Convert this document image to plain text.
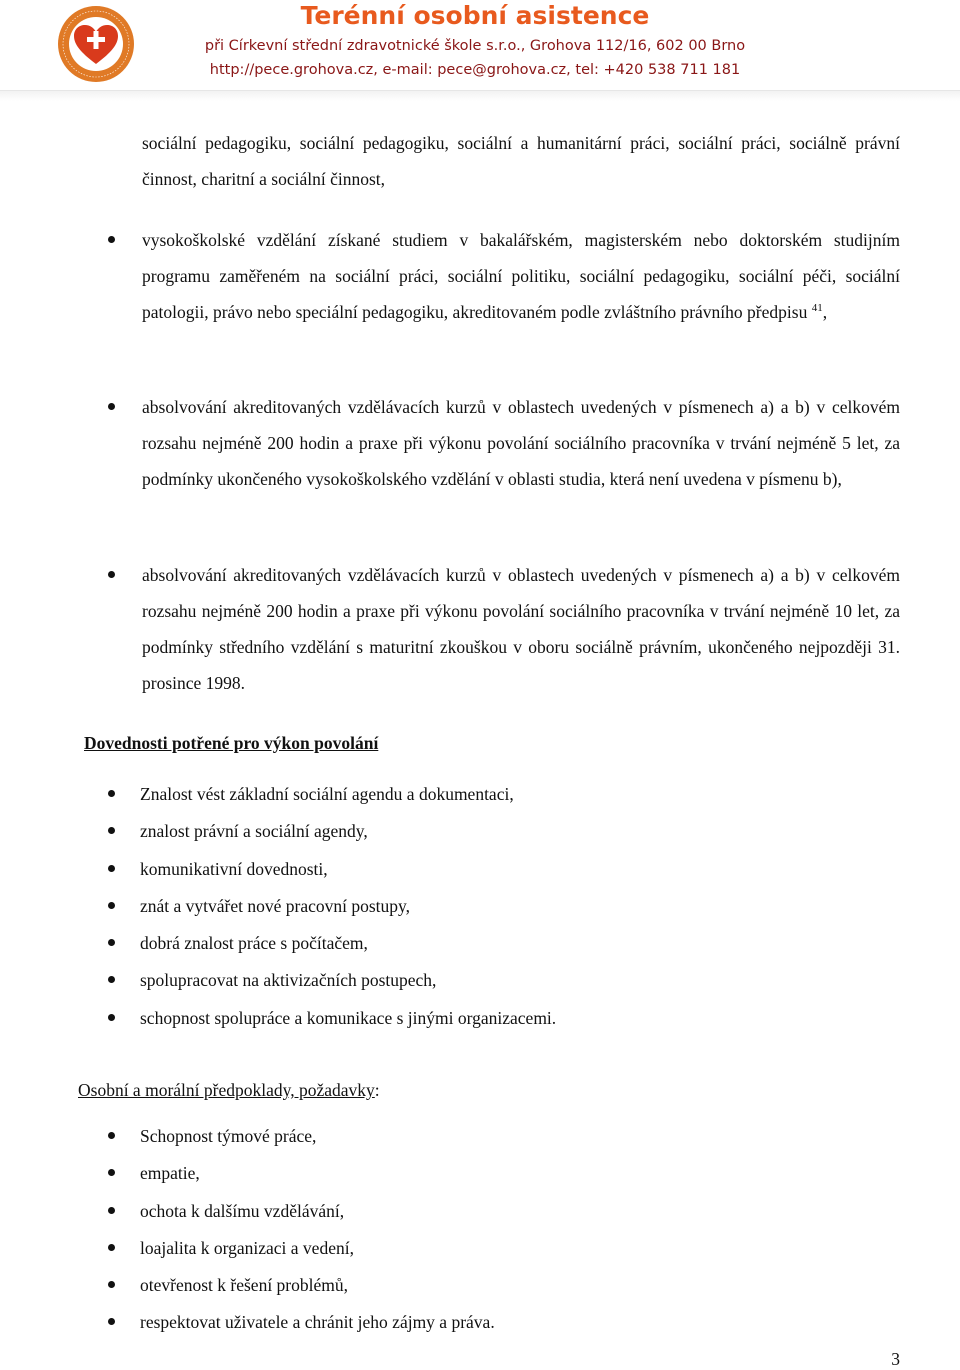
Terénní osobní asistence
při Církevní střední zdravotnické škole s.r.o., Grohova 112/16, 602 00 Brno
http://pece.grohova.cz, e-mail: pece@grohova.cz, tel: +420 538 711 181

sociální pedagogiku, sociální pedagogiku, sociální a humanitární práci, sociální práci, sociálně právní činnost, charitní a sociální činnost,

vysokoškolské vzdělání získané studiem v bakalářském, magisterském nebo doktorském studijním programu zaměřeném na sociální práci, sociální politiku, sociální pedagogiku, sociální péči, sociální patologii, právo nebo speciální pedagogiku, akreditovaném podle zvláštního právního předpisu $^{41}$,
absolvování akreditovaných vzdělávacích kurzů v oblastech uvedených v písmenech a) a b) v celkovém rozsahu nejméně 200 hodin a praxe při výkonu povolání sociálního pracovníka v trvání nejméně 5 let, za podmínky ukončeného vysokoškolského vzdělání v oblasti studia, která není uvedena v písmenu b),
absolvování akreditovaných vzdělávacích kurzů v oblastech uvedených v písmenech a) a b) v celkovém rozsahu nejméně 200 hodin a praxe při výkonu povolání sociálního pracovníka v trvání nejméně 10 let, za podmínky středního vzdělání s maturitní zkouškou v oboru sociálně právním, ukončeného nejpozději 31. prosince 1998.
Dovednosti potřené pro výkon povolání
Znalost vést základní sociální agendu a dokumentaci,
znalost právní a sociální agendy,
komunikativní dovednosti,
znát a vytvářet nové pracovní postupy,
dobrá znalost práce s počítačem,
spolupracovat na aktivizačních postupech,
schopnost spolupráce a komunikace s jinými organizacemi.
Osobní a morální předpoklady, požadavky:
Schopnost týmové práce,
empatie,
ochota k dalšímu vzdělávání,
loajalita k organizaci a vedení,
otevřenost k řešení problémů,
respektovat uživatele a chránit jeho zájmy a práva.
3
